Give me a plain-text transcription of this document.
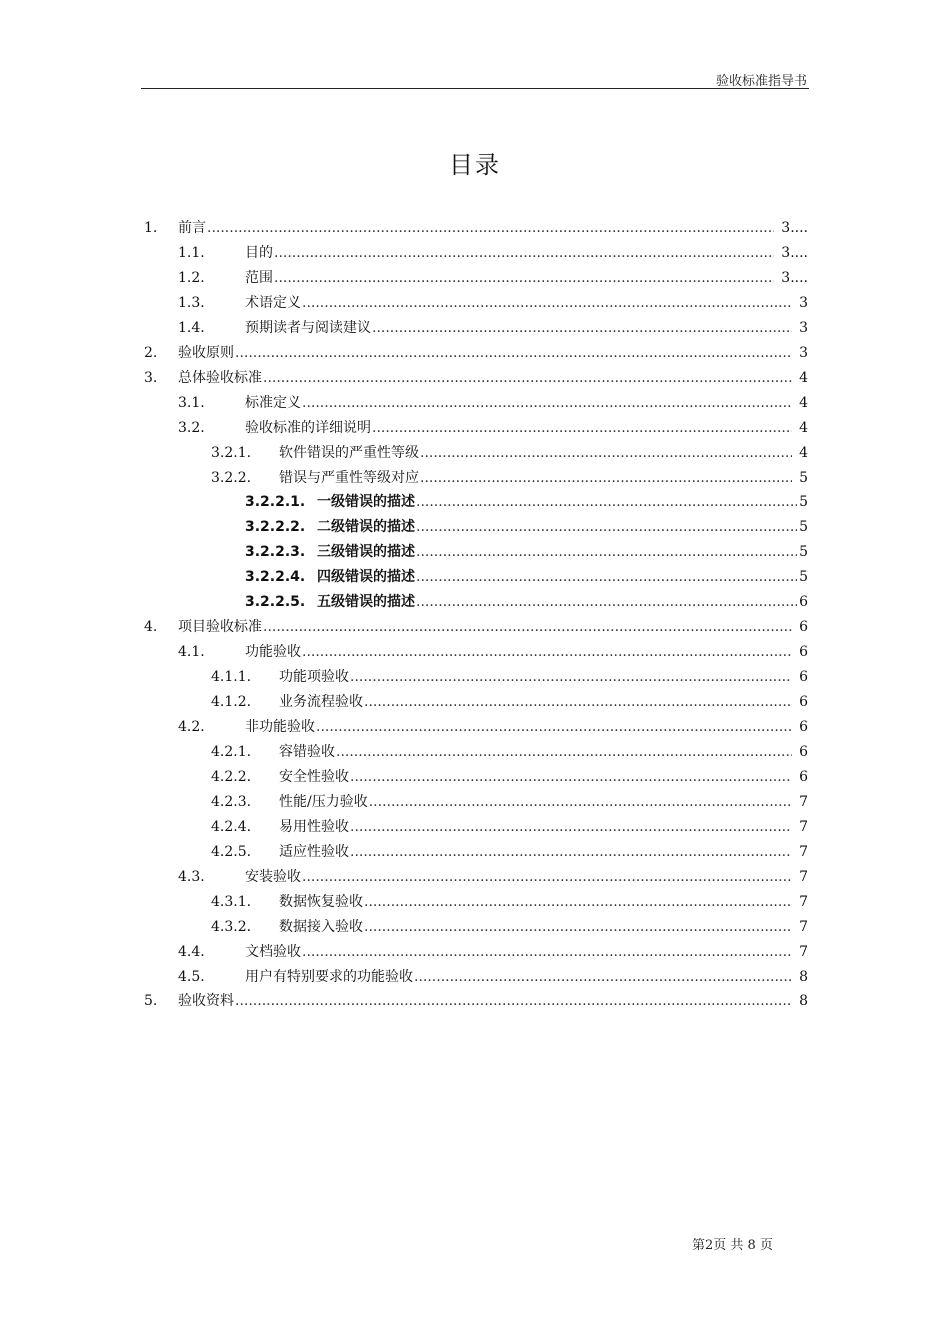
验收标准指导书
目录
1.	前言 .....	3 ....
1.1.	目的 .....	3 ....
1.2.	范围 .....	3 ....
1.3.	术语定义 .....	3
1.4.	预期读者与阅读建议 .....	3
2.	验收原则 .....	3
3.	总体验收标准 .....	4
3.1.	标准定义 .....	4
3.2.	验收标准的详细说明 .....	4
3.2.1.	软件错误的严重性等级 .....	4
3.2.2.	错误与严重性等级对应 .....	5
3.2.2.1. 一级错误的描述 .....	5
3.2.2.2. 二级错误的描述 .....	5
3.2.2.3. 三级错误的描述 .....	5
3.2.2.4. 四级错误的描述 .....	5
3.2.2.5. 五级错误的描述 .....	6
4.	项目验收标准 .....	6
4.1.	功能验收 .....	6
4.1.1.	功能项验收 .....	6
4.1.2.	业务流程验收 .....	6
4.2.	非功能验收 .....	6
4.2.1.	容错验收 .....	6
4.2.2.	安全性验收 .....	6
4.2.3.	性能/压力验收 .....	7
4.2.4.	易用性验收 .....	7
4.2.5.	适应性验收 .....	7
4.3.	安装验收 .....	7
4.3.1.	数据恢复验收 .....	7
4.3.2.	数据接入验收 .....	7
4.4.	文档验收 .....	7
4.5.	用户有特别要求的功能验收 .....	8
5.	验收资料 .....	8
第2页 共 8 页
